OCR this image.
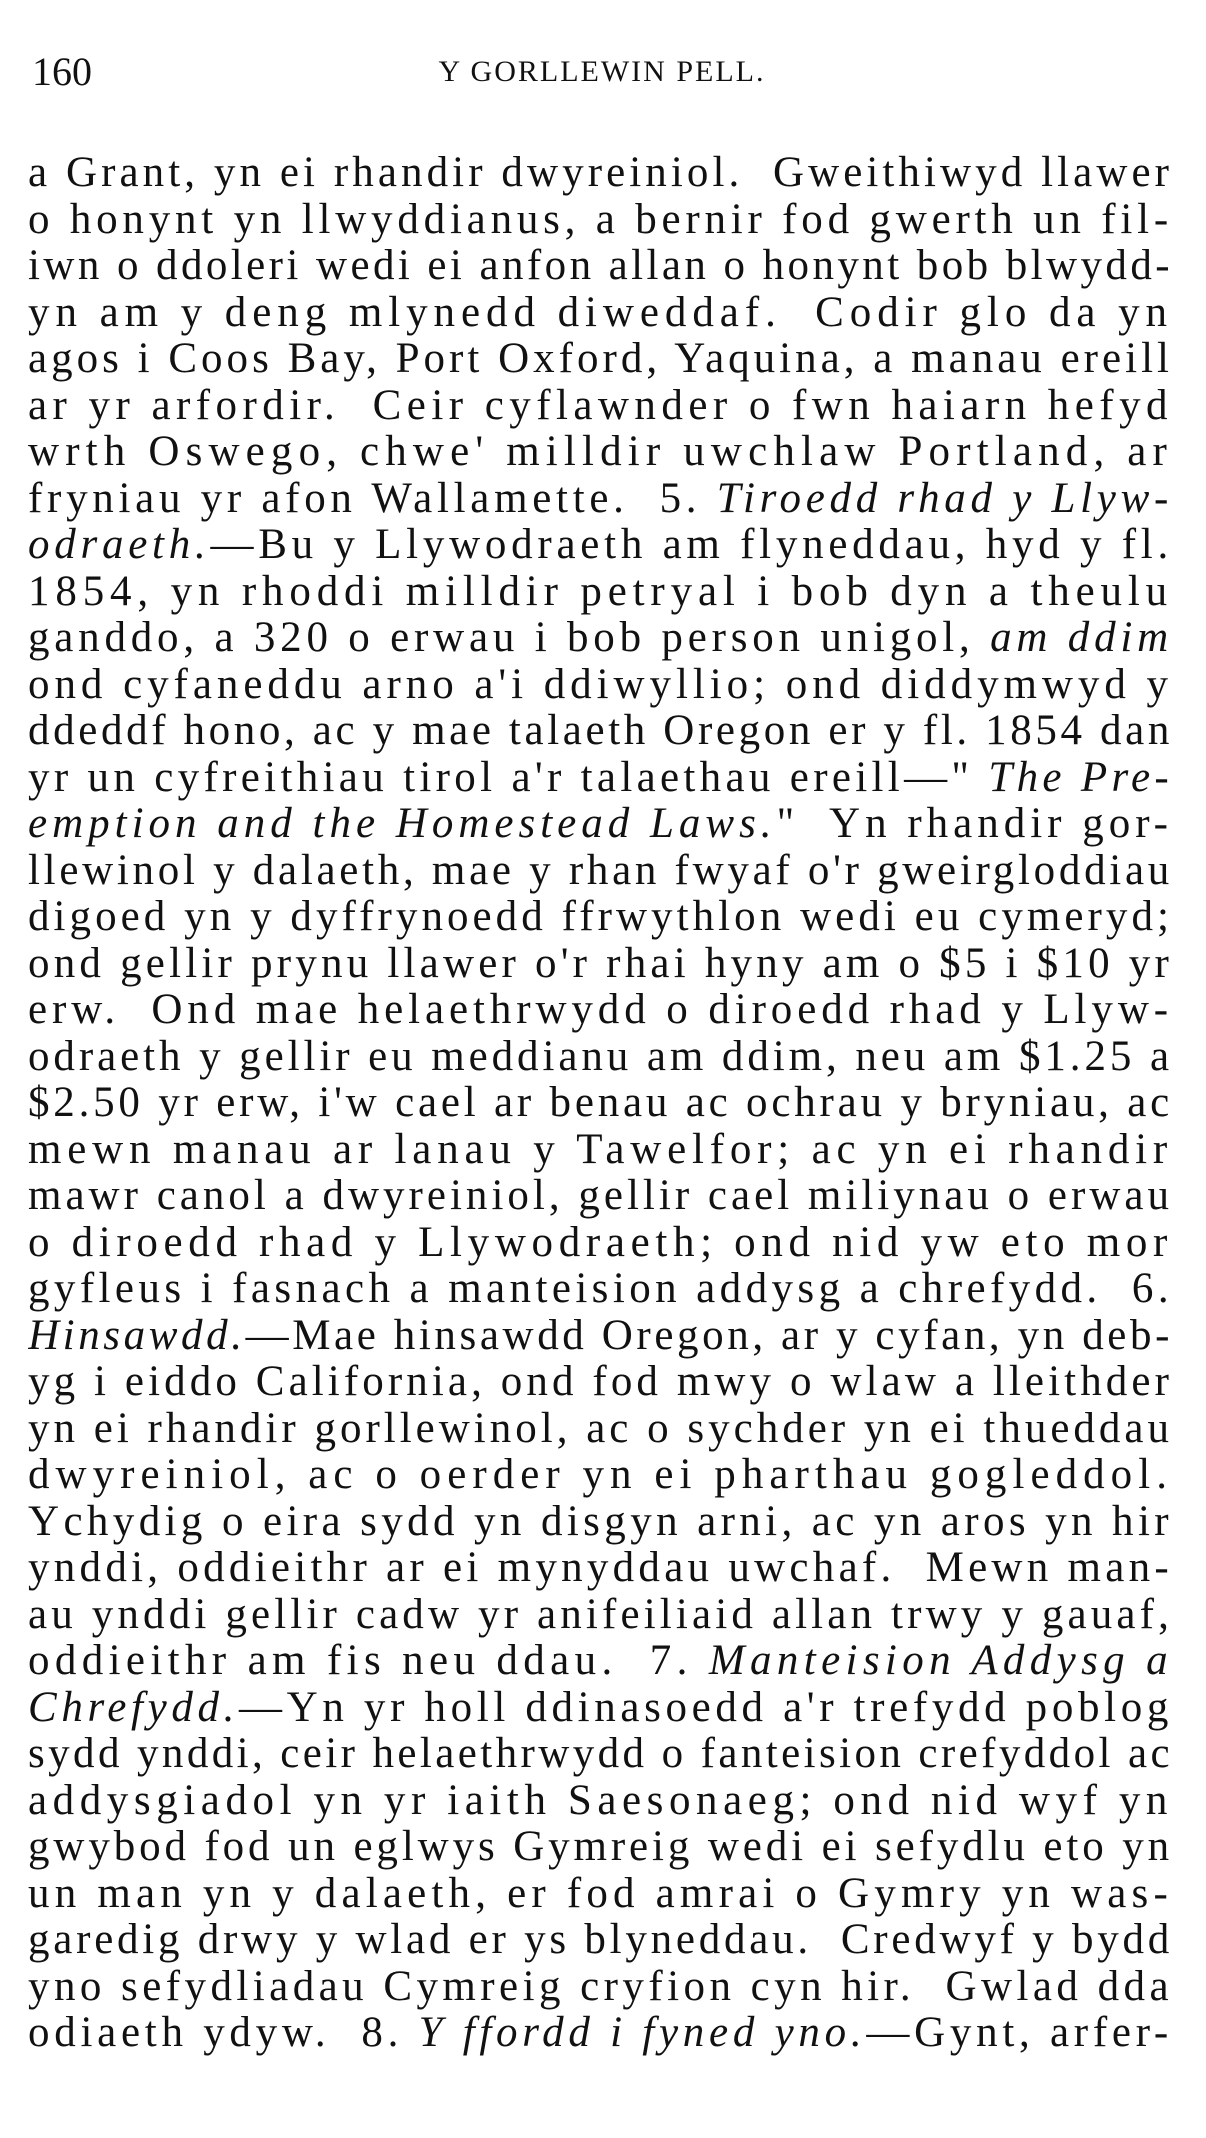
160	Y GORLLEWIN PELL.
a Grant, yn ei rhandir dwyreiniol.  Gweithiwyd llawer
o honynt yn llwyddianus, a bernir fod gwerth un fil-
iwn o ddoleri wedi ei anfon allan o honynt bob blwydd-
yn am y deng mlynedd diweddaf.  Codir glo da yn
agos i Coos Bay, Port Oxford, Yaquina, a manau ereill
ar yr arfordir.  Ceir cyflawnder o fwn haiarn hefyd
wrth Oswego, chwe' milldir uwchlaw Portland, ar
fryniau yr afon Wallamette.  5. Tiroedd rhad y Llyw-
odraeth.—Bu y Llywodraeth am flyneddau, hyd y fl.
1854, yn rhoddi milldir petryal i bob dyn a theulu
ganddo, a 320 o erwau i bob person unigol, am ddim
ond cyfaneddu arno a'i ddiwyllio; ond diddymwyd y
ddeddf hono, ac y mae talaeth Oregon er y fl. 1854 dan
yr un cyfreithiau tirol a'r talaethau ereill—" The Pre-
emption and the Homestead Laws."  Yn rhandir gor-
llewinol y dalaeth, mae y rhan fwyaf o'r gweirgloddiau
digoed yn y dyffrynoedd ffrwythlon wedi eu cymeryd;
ond gellir prynu llawer o'r rhai hyny am o $5 i $10 yr
erw.  Ond mae helaethrwydd o diroedd rhad y Llyw-
odraeth y gellir eu meddianu am ddim, neu am $1.25 a
$2.50 yr erw, i'w cael ar benau ac ochrau y bryniau, ac
mewn manau ar lanau y Tawelfor; ac yn ei rhandir
mawr canol a dwyreiniol, gellir cael miliynau o erwau
o diroedd rhad y Llywodraeth; ond nid yw eto mor
gyfleus i fasnach a manteision addysg a chrefydd.  6.
Hinsawdd.—Mae hinsawdd Oregon, ar y cyfan, yn deb-
yg i eiddo California, ond fod mwy o wlaw a lleithder
yn ei rhandir gorllewinol, ac o sychder yn ei thueddau
dwyreiniol, ac o oerder yn ei pharthau gogleddol.
Ychydig o eira sydd yn disgyn arni, ac yn aros yn hir
ynddi, oddieithr ar ei mynyddau uwchaf.  Mewn man-
au ynddi gellir cadw yr anifeiliaid allan trwy y gauaf,
oddieithr am fis neu ddau.  7. Manteision Addysg a
Chrefydd.—Yn yr holl ddinasoedd a'r trefydd poblog
sydd ynddi, ceir helaethrwydd o fanteision crefyddol ac
addysgiadol yn yr iaith Saesonaeg; ond nid wyf yn
gwybod fod un eglwys Gymreig wedi ei sefydlu eto yn
un man yn y dalaeth, er fod amrai o Gymry yn was-
garedig drwy y wlad er ys blyneddau.  Credwyf y bydd
yno sefydliadau Cymreig cryfion cyn hir.  Gwlad dda
odiaeth ydyw.  8. Y ffordd i fyned yno.—Gynt, arfer-
